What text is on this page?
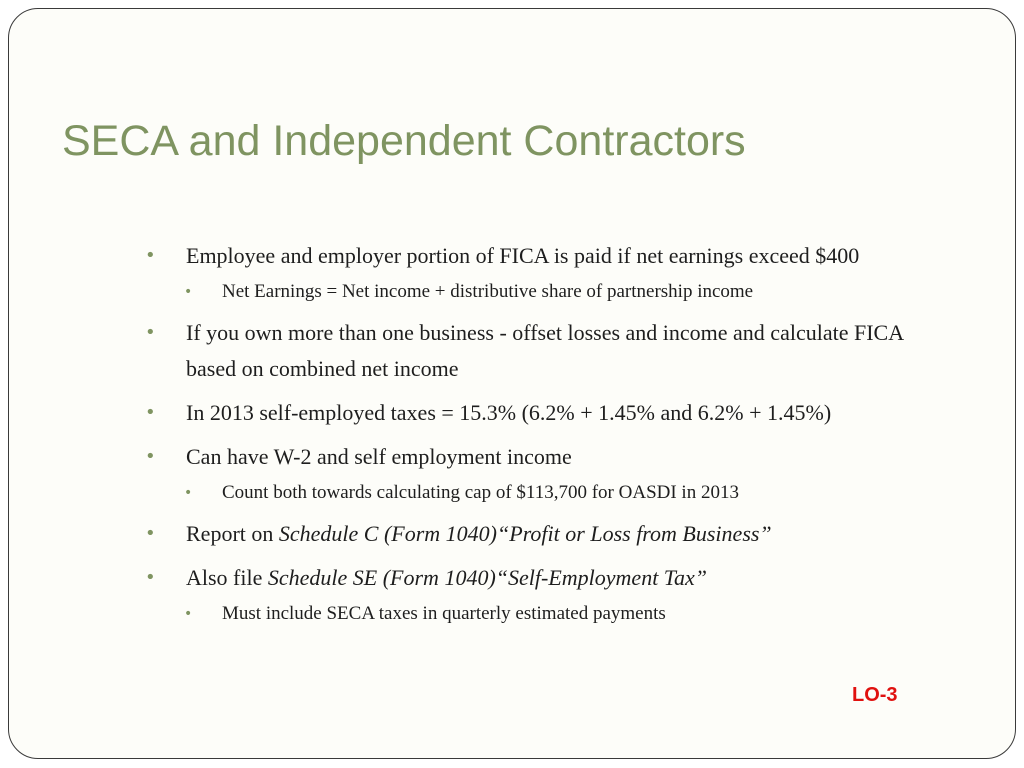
SECA and Independent Contractors
• Employee and employer portion of FICA is paid if net earnings exceed $400
• Net Earnings = Net income + distributive share of partnership income
• If you own more than one business - offset losses and income and calculate FICA based on combined net income
• In 2013 self-employed taxes = 15.3% (6.2% + 1.45% and 6.2% + 1.45%)
• Can have W-2 and self employment income
• Count both towards calculating cap of $113,700 for OASDI in 2013
• Report on Schedule C (Form 1040)“Profit or Loss from Business”
• Also file Schedule SE (Form 1040)“Self-Employment Tax”
• Must include SECA taxes in quarterly estimated payments
LO-3
